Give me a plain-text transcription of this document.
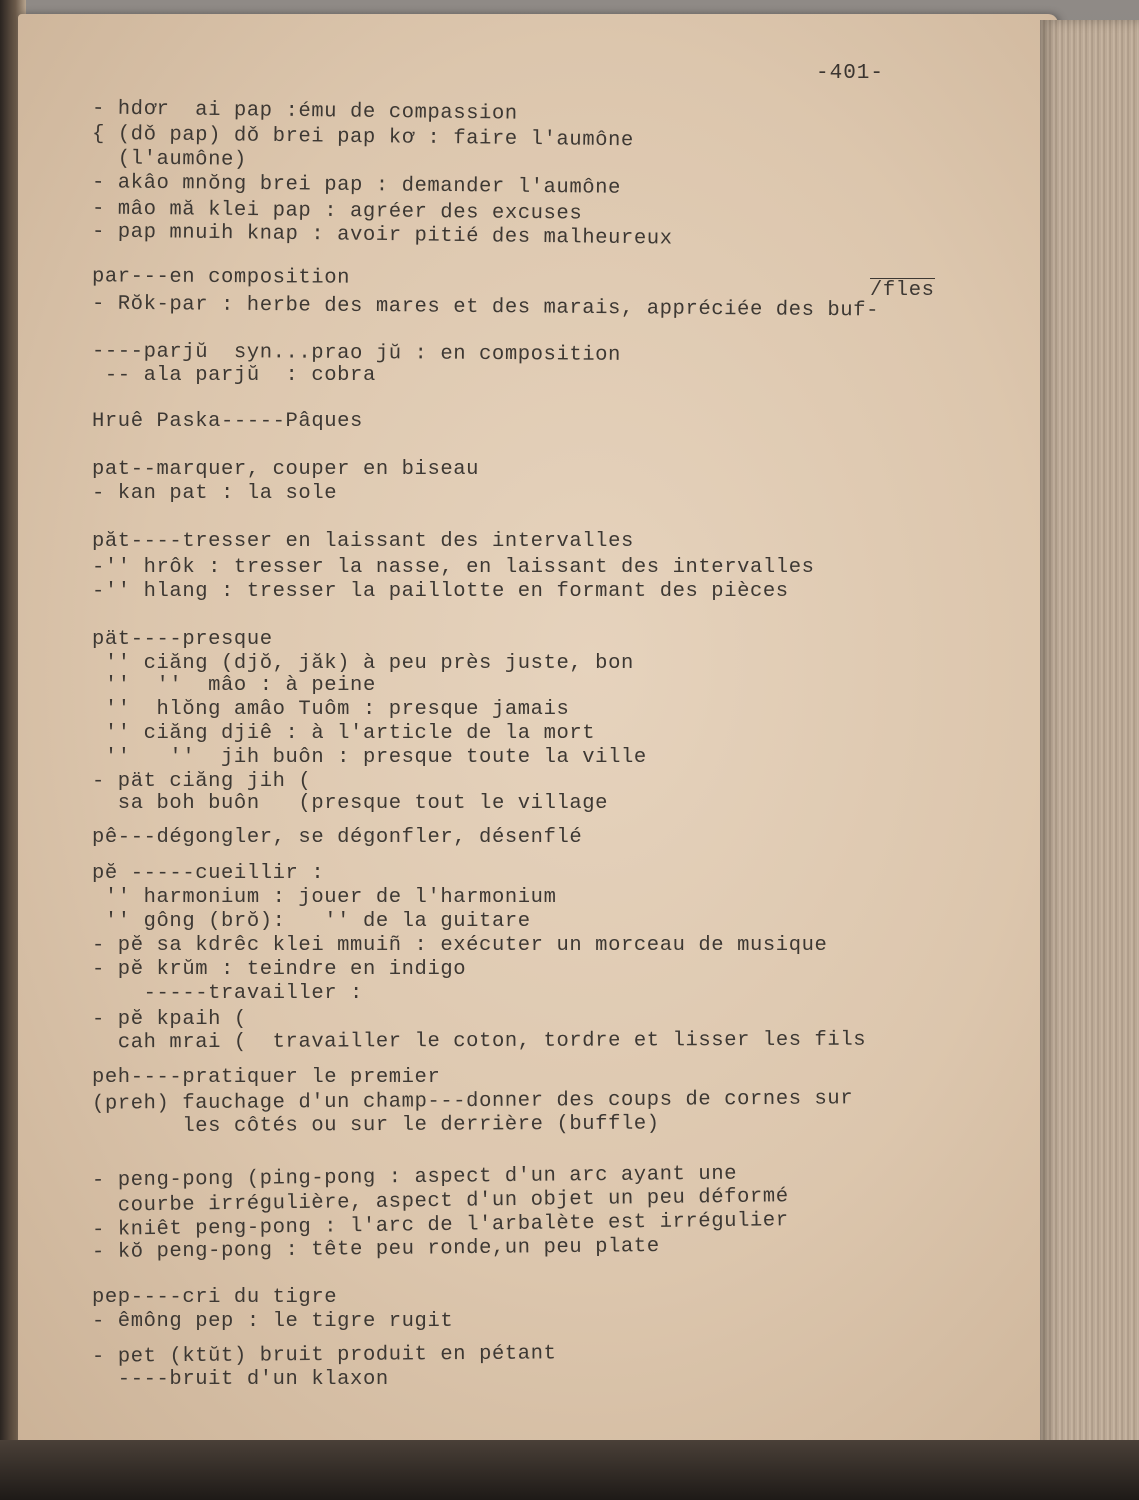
-401-
- hdơr  ai pap :ému de compassion
{ (dǒ pap) dǒ brei pap kơ : faire l'aumône
(l'aumône)
- akâo mnŏng brei pap : demander l'aumône
- mâo mă klei pap : agréer des excuses
- pap mnuih knap : avoir pitié des malheureux
par---en composition
/fles
- Rŏk-par : herbe des mares et des marais, appréciée des buf-
----parjŭ  syn...prao jŭ : en composition
-- ala parjŭ  : cobra
Hruê Paska-----Pâques
pat--marquer, couper en biseau
- kan pat : la sole
păt----tresser en laissant des intervalles
-'' hrôk : tresser la nasse, en laissant des intervalles
-'' hlang : tresser la paillotte en formant des pièces
pät----presque
'' ciăng (djŏ, jăk) à peu près juste, bon
''  ''  mâo : à peine
''  hlŏng amâo Tuôm : presque jamais
'' ciăng djiê : à l'article de la mort
''   ''  jih buôn : presque toute la ville
- pät ciăng jih (
sa boh buôn   (presque tout le village
pê---dégongler, se dégonfler, désenflé
pĕ -----cueillir :
'' harmonium : jouer de l'harmonium
'' gông (brŏ):   '' de la guitare
- pĕ sa kdrêc klei mmuiñ : exécuter un morceau de musique
- pĕ krŭm : teindre en indigo
-----travailler :
- pĕ kpaih (
cah mrai (  travailler le coton, tordre et lisser les fils
peh----pratiquer le premier
(preh) fauchage d'un champ---donner des coups de cornes sur
les côtés ou sur le derrière (buffle)
- peng-pong (ping-pong : aspect d'un arc ayant une
courbe irrégulière, aspect d'un objet un peu déformé
- kniêt peng-pong : l'arc de l'arbalète est irrégulier
- kŏ peng-pong : tête peu ronde,un peu plate
pep----cri du tigre
- êmông pep : le tigre rugit
- pet (ktŭt) bruit produit en pétant
----bruit d'un klaxon
